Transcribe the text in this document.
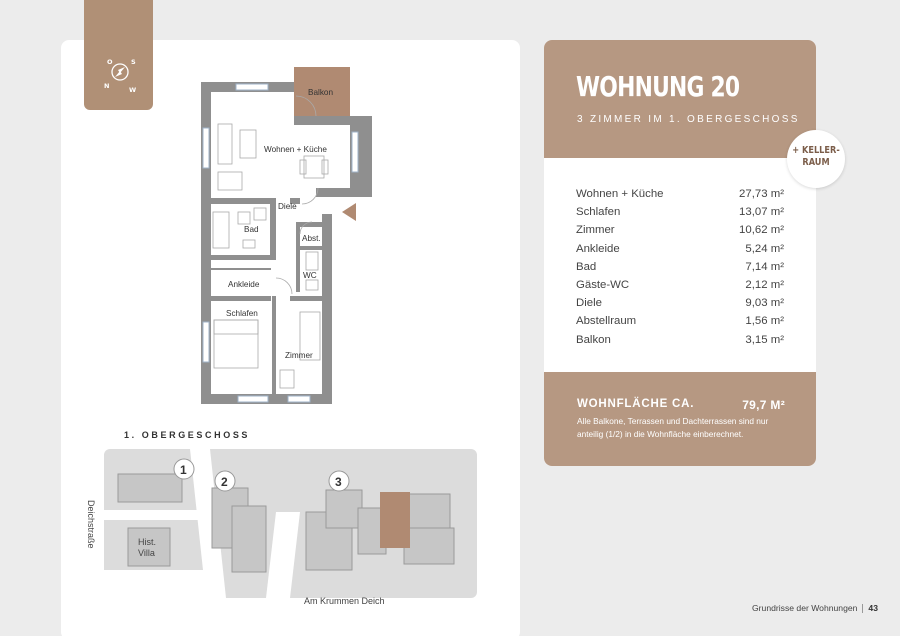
O	S
N	W	Balkon
Wohnen + Küche
Diele
Bad
Abst.
WC
Ankleide
Schlafen
Zimmer
1. OBERGESCHOSS
1
2	3
Hist.
Villa
Deichstraße
Am Krummen Deich
WOHNUNG 20
3 ZIMMER IM 1. OBERGESCHOSS
Wohnen + Küche	27,73 m²
Schlafen	13,07 m²
Zimmer	10,62 m²
Ankleide	5,24 m²
Bad	7,14 m²
Gäste-WC	2,12 m²
Diele	9,03 m²
Abstellraum	1,56 m²
Balkon	3,15 m²
WOHNFLÄCHE CA.	79,7 M²
Alle Balkone, Terrassen und Dachterrassen sind nur anteilig (1/2) in die Wohnfläche einberechnet.
+ KELLER-
RAUM
Grundrisse der Wohnungen 43
